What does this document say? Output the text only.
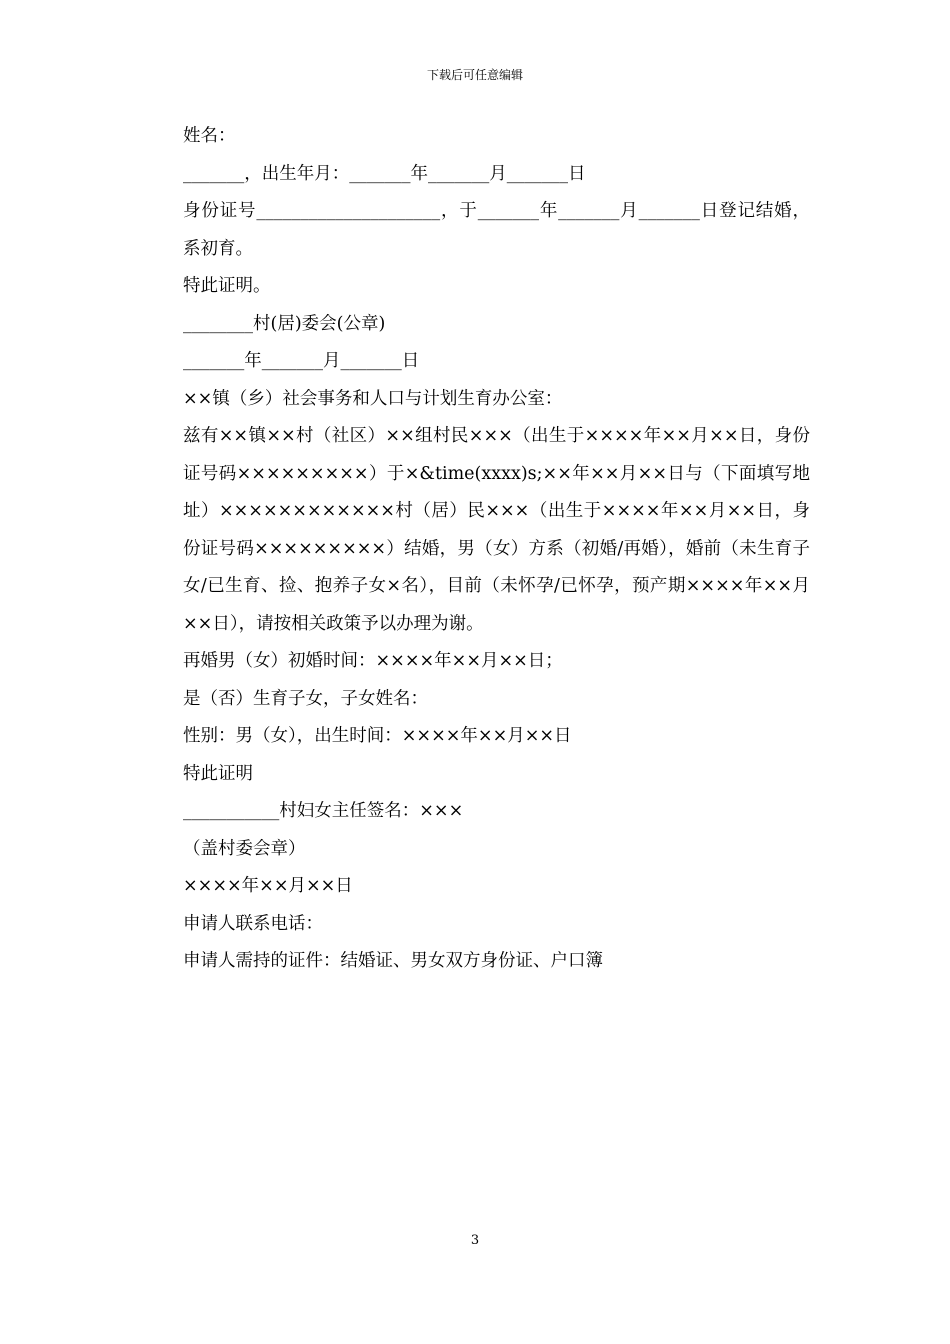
下载后可任意编辑

姓名：

_______，出生年月：_______年_______月_______日

身份证号_____________________，于_______年_______月_______日登记结婚，系初育。

特此证明。

________村(居)委会(公章)

_______年_______月_______日

××镇（乡）社会事务和人口与计划生育办公室：

兹有××镇××村（社区）××组村民×××（出生于××××年××月××日，身份证号码×××××××××）于×&time(xxxx)s;××年××月××日与（下面填写地址）××××××××××××村（居）民×××（出生于××××年××月××日，身份证号码×××××××××）结婚，男（女）方系（初婚/再婚），婚前（未生育子女/已生育、捡、抱养子女×名），目前（未怀孕/已怀孕，预产期××××年××月××日），请按相关政策予以办理为谢。

再婚男（女）初婚时间：××××年××月××日；

是（否）生育子女，子女姓名：

性别：男（女），出生时间：××××年××月××日

特此证明

___________村妇女主任签名：×××

（盖村委会章）

××××年××月××日

申请人联系电话：

申请人需持的证件：结婚证、男女双方身份证、户口簿

3
